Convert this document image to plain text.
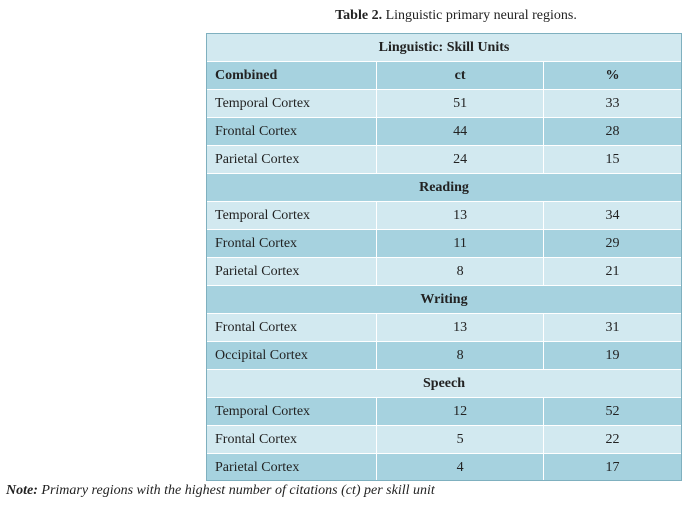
Table 2. Linguistic primary neural regions.
Linguistic: Skill Units		
Combined	ct	%
Temporal Cortex	51	33
Frontal Cortex	44	28
Parietal Cortex	24	15
Reading		
Temporal Cortex	13	34
Frontal Cortex	11	29
Parietal Cortex	8	21
Writing		
Frontal Cortex	13	31
Occipital Cortex	8	19
Speech		
Temporal Cortex	12	52
Frontal Cortex	5	22
Parietal Cortex	4	17
Note: Primary regions with the highest number of citations (ct) per skill unit
